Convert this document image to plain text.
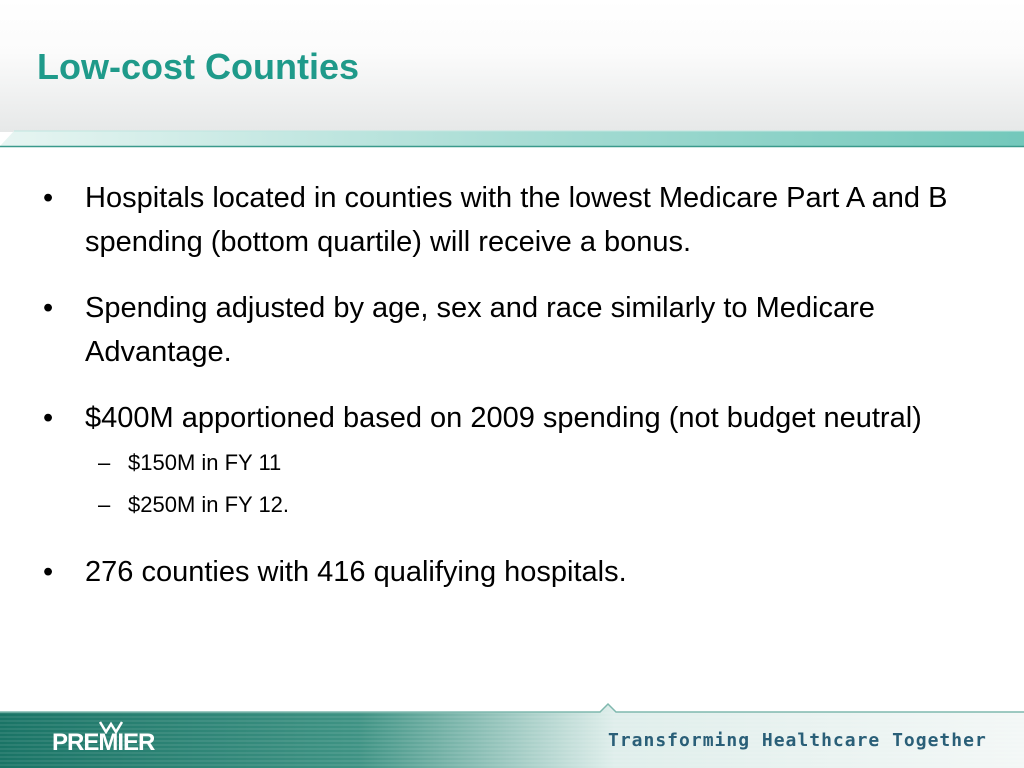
Low-cost Counties
• Hospitals located in counties with the lowest Medicare Part A and B spending (bottom quartile) will receive a bonus.
• Spending adjusted by age, sex and race similarly to Medicare Advantage.
• $400M apportioned based on 2009 spending (not budget neutral)
– $150M in FY 11
– $250M in FY 12.
• 276 counties with 416 qualifying hospitals.
PREMIER	Transforming Healthcare Together
